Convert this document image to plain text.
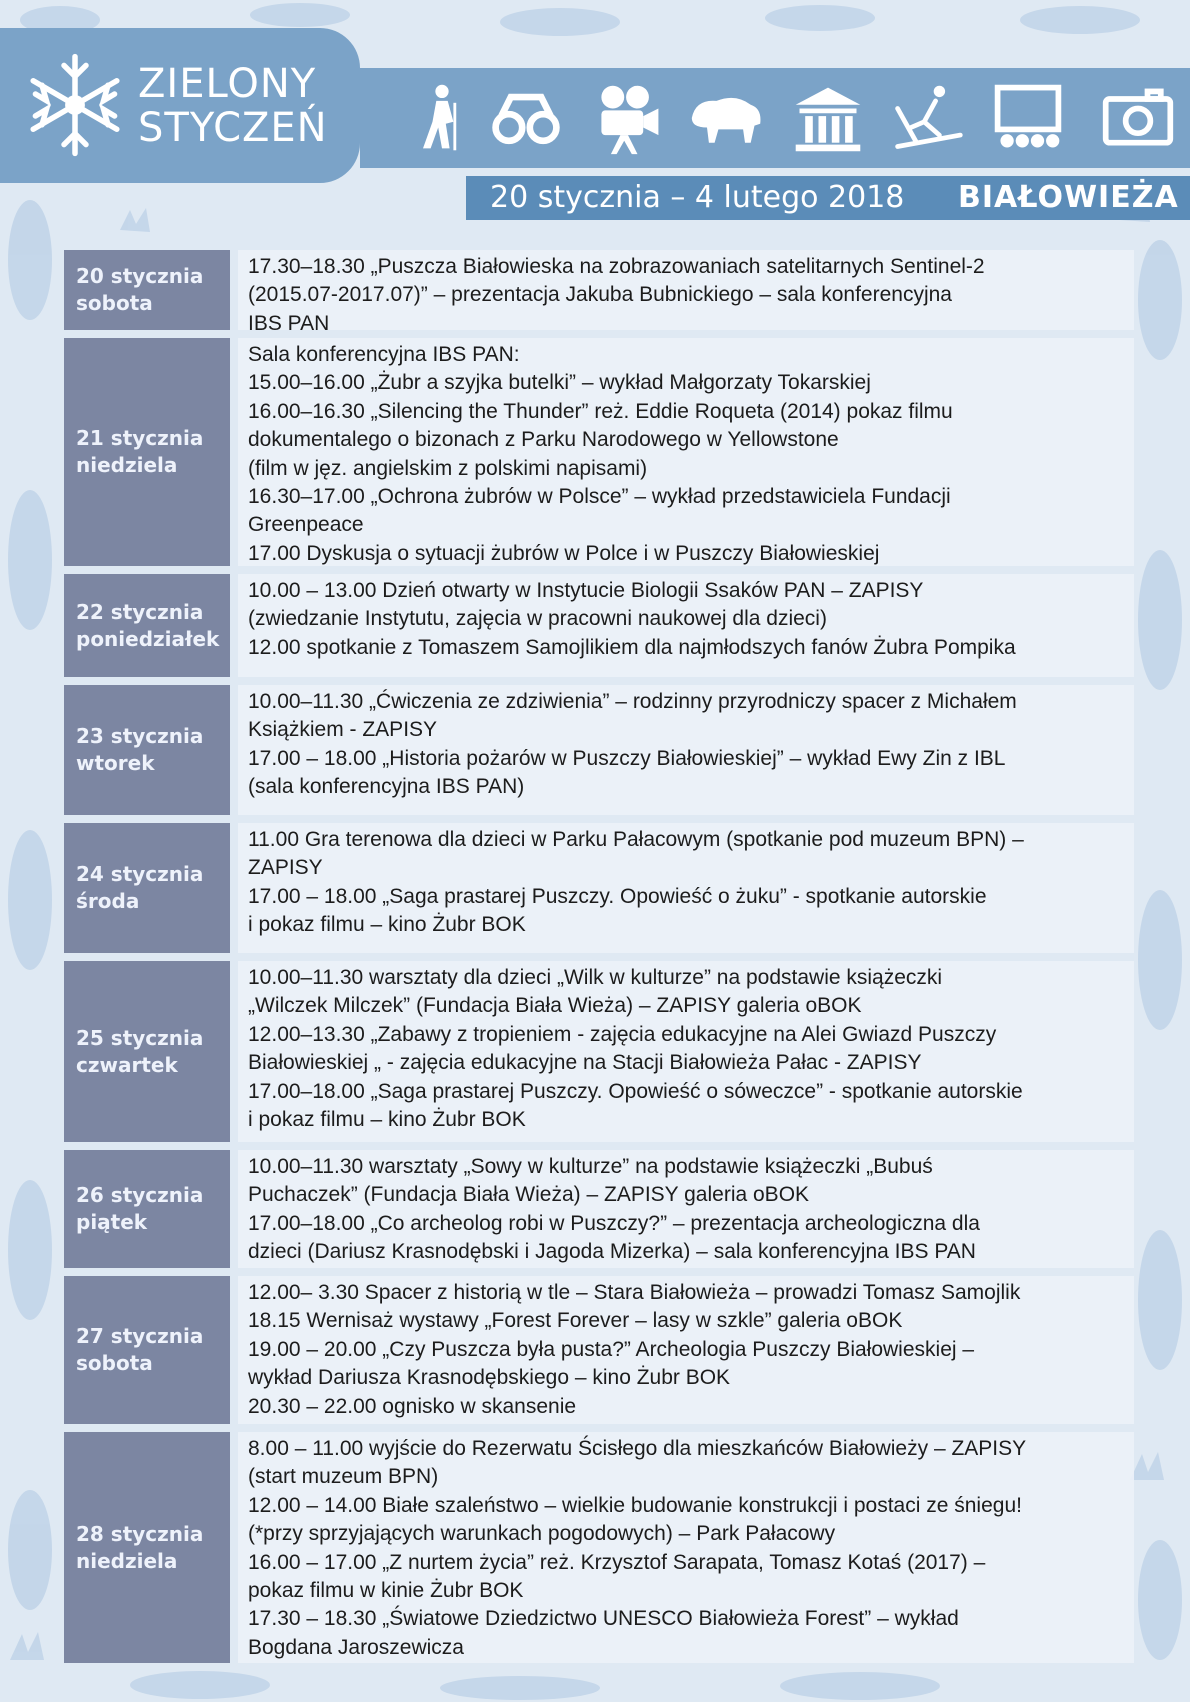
ZIELONY
STYCZEŃ
20 stycznia – 4 lutego 2018 BIAŁOWIEŻA
20 stycznia
sobota
17.30–18.30 „Puszcza Białowieska na zobrazowaniach satelitarnych Sentinel-2
(2015.07-2017.07)” – prezentacja Jakuba Bubnickiego – sala konferencyjna
IBS PAN
21 stycznia
niedziela
Sala konferencyjna IBS PAN:
15.00–16.00 „Żubr a szyjka butelki” – wykład Małgorzaty Tokarskiej
16.00–16.30 „Silencing the Thunder” reż. Eddie Roqueta (2014) pokaz filmu
dokumentalego o bizonach z Parku Narodowego w Yellowstone
(film w jęz. angielskim z polskimi napisami)
16.30–17.00 „Ochrona żubrów w Polsce” – wykład przedstawiciela Fundacji
Greenpeace
17.00 Dyskusja o sytuacji żubrów w Polce i w Puszczy Białowieskiej
22 stycznia
poniedziałek
10.00 – 13.00 Dzień otwarty w Instytucie Biologii Ssaków PAN – ZAPISY
(zwiedzanie Instytutu, zajęcia w pracowni naukowej dla dzieci)
12.00 spotkanie z Tomaszem Samojlikiem dla najmłodszych fanów Żubra Pompika
23 stycznia
wtorek
10.00–11.30 „Ćwiczenia ze zdziwienia” – rodzinny przyrodniczy spacer z Michałem
Książkiem - ZAPISY
17.00 – 18.00 „Historia pożarów w Puszczy Białowieskiej” – wykład Ewy Zin z IBL
(sala konferencyjna IBS PAN)
24 stycznia
środa
11.00 Gra terenowa dla dzieci w Parku Pałacowym (spotkanie pod muzeum BPN) –
ZAPISY
17.00 – 18.00 „Saga prastarej Puszczy. Opowieść o żuku” - spotkanie autorskie
i pokaz filmu – kino Żubr BOK
25 stycznia
czwartek
10.00–11.30 warsztaty dla dzieci „Wilk w kulturze” na podstawie książeczki
„Wilczek Milczek” (Fundacja Biała Wieża) – ZAPISY galeria oBOK
12.00–13.30 „Zabawy z tropieniem - zajęcia edukacyjne na Alei Gwiazd Puszczy
Białowieskiej „ - zajęcia edukacyjne na Stacji Białowieża Pałac - ZAPISY
17.00–18.00 „Saga prastarej Puszczy. Opowieść o sóweczce” - spotkanie autorskie
i pokaz filmu – kino Żubr BOK
26 stycznia
piątek
10.00–11.30 warsztaty „Sowy w kulturze” na podstawie książeczki „Bubuś
Puchaczek” (Fundacja Biała Wieża) – ZAPISY galeria oBOK
17.00–18.00 „Co archeolog robi w Puszczy?” – prezentacja archeologiczna dla
dzieci (Dariusz Krasnodębski i Jagoda Mizerka) – sala konferencyjna IBS PAN
27 stycznia
sobota
12.00– 3.30 Spacer z historią w tle – Stara Białowieża – prowadzi Tomasz Samojlik
18.15 Wernisaż wystawy „Forest Forever – lasy w szkle” galeria oBOK
19.00 – 20.00 „Czy Puszcza była pusta?” Archeologia Puszczy Białowieskiej –
wykład Dariusza Krasnodębskiego – kino Żubr BOK
20.30 – 22.00 ognisko w skansenie
28 stycznia
niedziela
8.00 – 11.00 wyjście do Rezerwatu Ścisłego dla mieszkańców Białowieży – ZAPISY
(start muzeum BPN)
12.00 – 14.00 Białe szaleństwo – wielkie budowanie konstrukcji i postaci ze śniegu!
(*przy sprzyjających warunkach pogodowych) – Park Pałacowy
16.00 – 17.00 „Z nurtem życia” reż. Krzysztof Sarapata, Tomasz Kotaś (2017) –
pokaz filmu w kinie Żubr BOK
17.30 – 18.30 „Światowe Dziedzictwo UNESCO Białowieża Forest” – wykład
Bogdana Jaroszewicza
